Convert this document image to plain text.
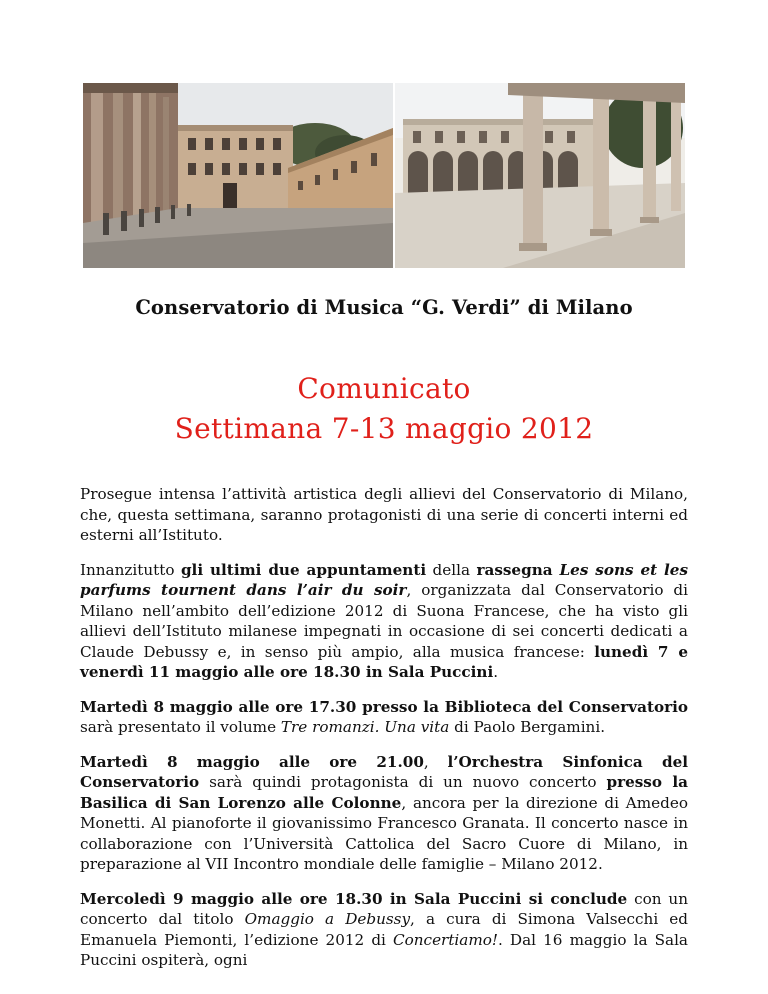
Conservatorio di Musica “G. Verdi” di Milano
Comunicato
Settimana 7-13 maggio 2012

Prosegue intensa l’attività artistica degli allievi del Conservatorio di Milano, che, questa settimana, saranno protagonisti di una serie di concerti interni ed esterni all’Istituto.

Innanzitutto gli ultimi due appuntamenti della rassegna Les sons et les parfums tournent dans l’air du soir, organizzata dal Conservatorio di Milano nell’ambito dell’edizione 2012 di Suona Francese, che ha visto gli allievi dell’Istituto milanese impegnati in occasione di sei concerti dedicati a Claude Debussy e, in senso più ampio, alla musica francese: lunedì 7 e venerdì 11 maggio alle ore 18.30 in Sala Puccini.

Martedì 8 maggio alle ore 17.30 presso la Biblioteca del Conservatorio sarà presentato il volume Tre romanzi. Una vita di Paolo Bergamini.

Martedì 8 maggio alle ore 21.00, l’Orchestra Sinfonica del Conservatorio sarà quindi protagonista di un nuovo concerto presso la Basilica di San Lorenzo alle Colonne, ancora per la direzione di Amedeo Monetti. Al pianoforte il giovanissimo Francesco Granata. Il concerto nasce in collaborazione con l’Università Cattolica del Sacro Cuore di Milano, in preparazione al VII Incontro mondiale delle famiglie – Milano 2012.

Mercoledì 9 maggio alle ore 18.30 in Sala Puccini si conclude con un concerto dal titolo Omaggio a Debussy, a cura di Simona Valsecchi ed Emanuela Piemonti, l’edizione 2012 di Concertiamo!. Dal 16 maggio la Sala Puccini ospiterà, ogni
